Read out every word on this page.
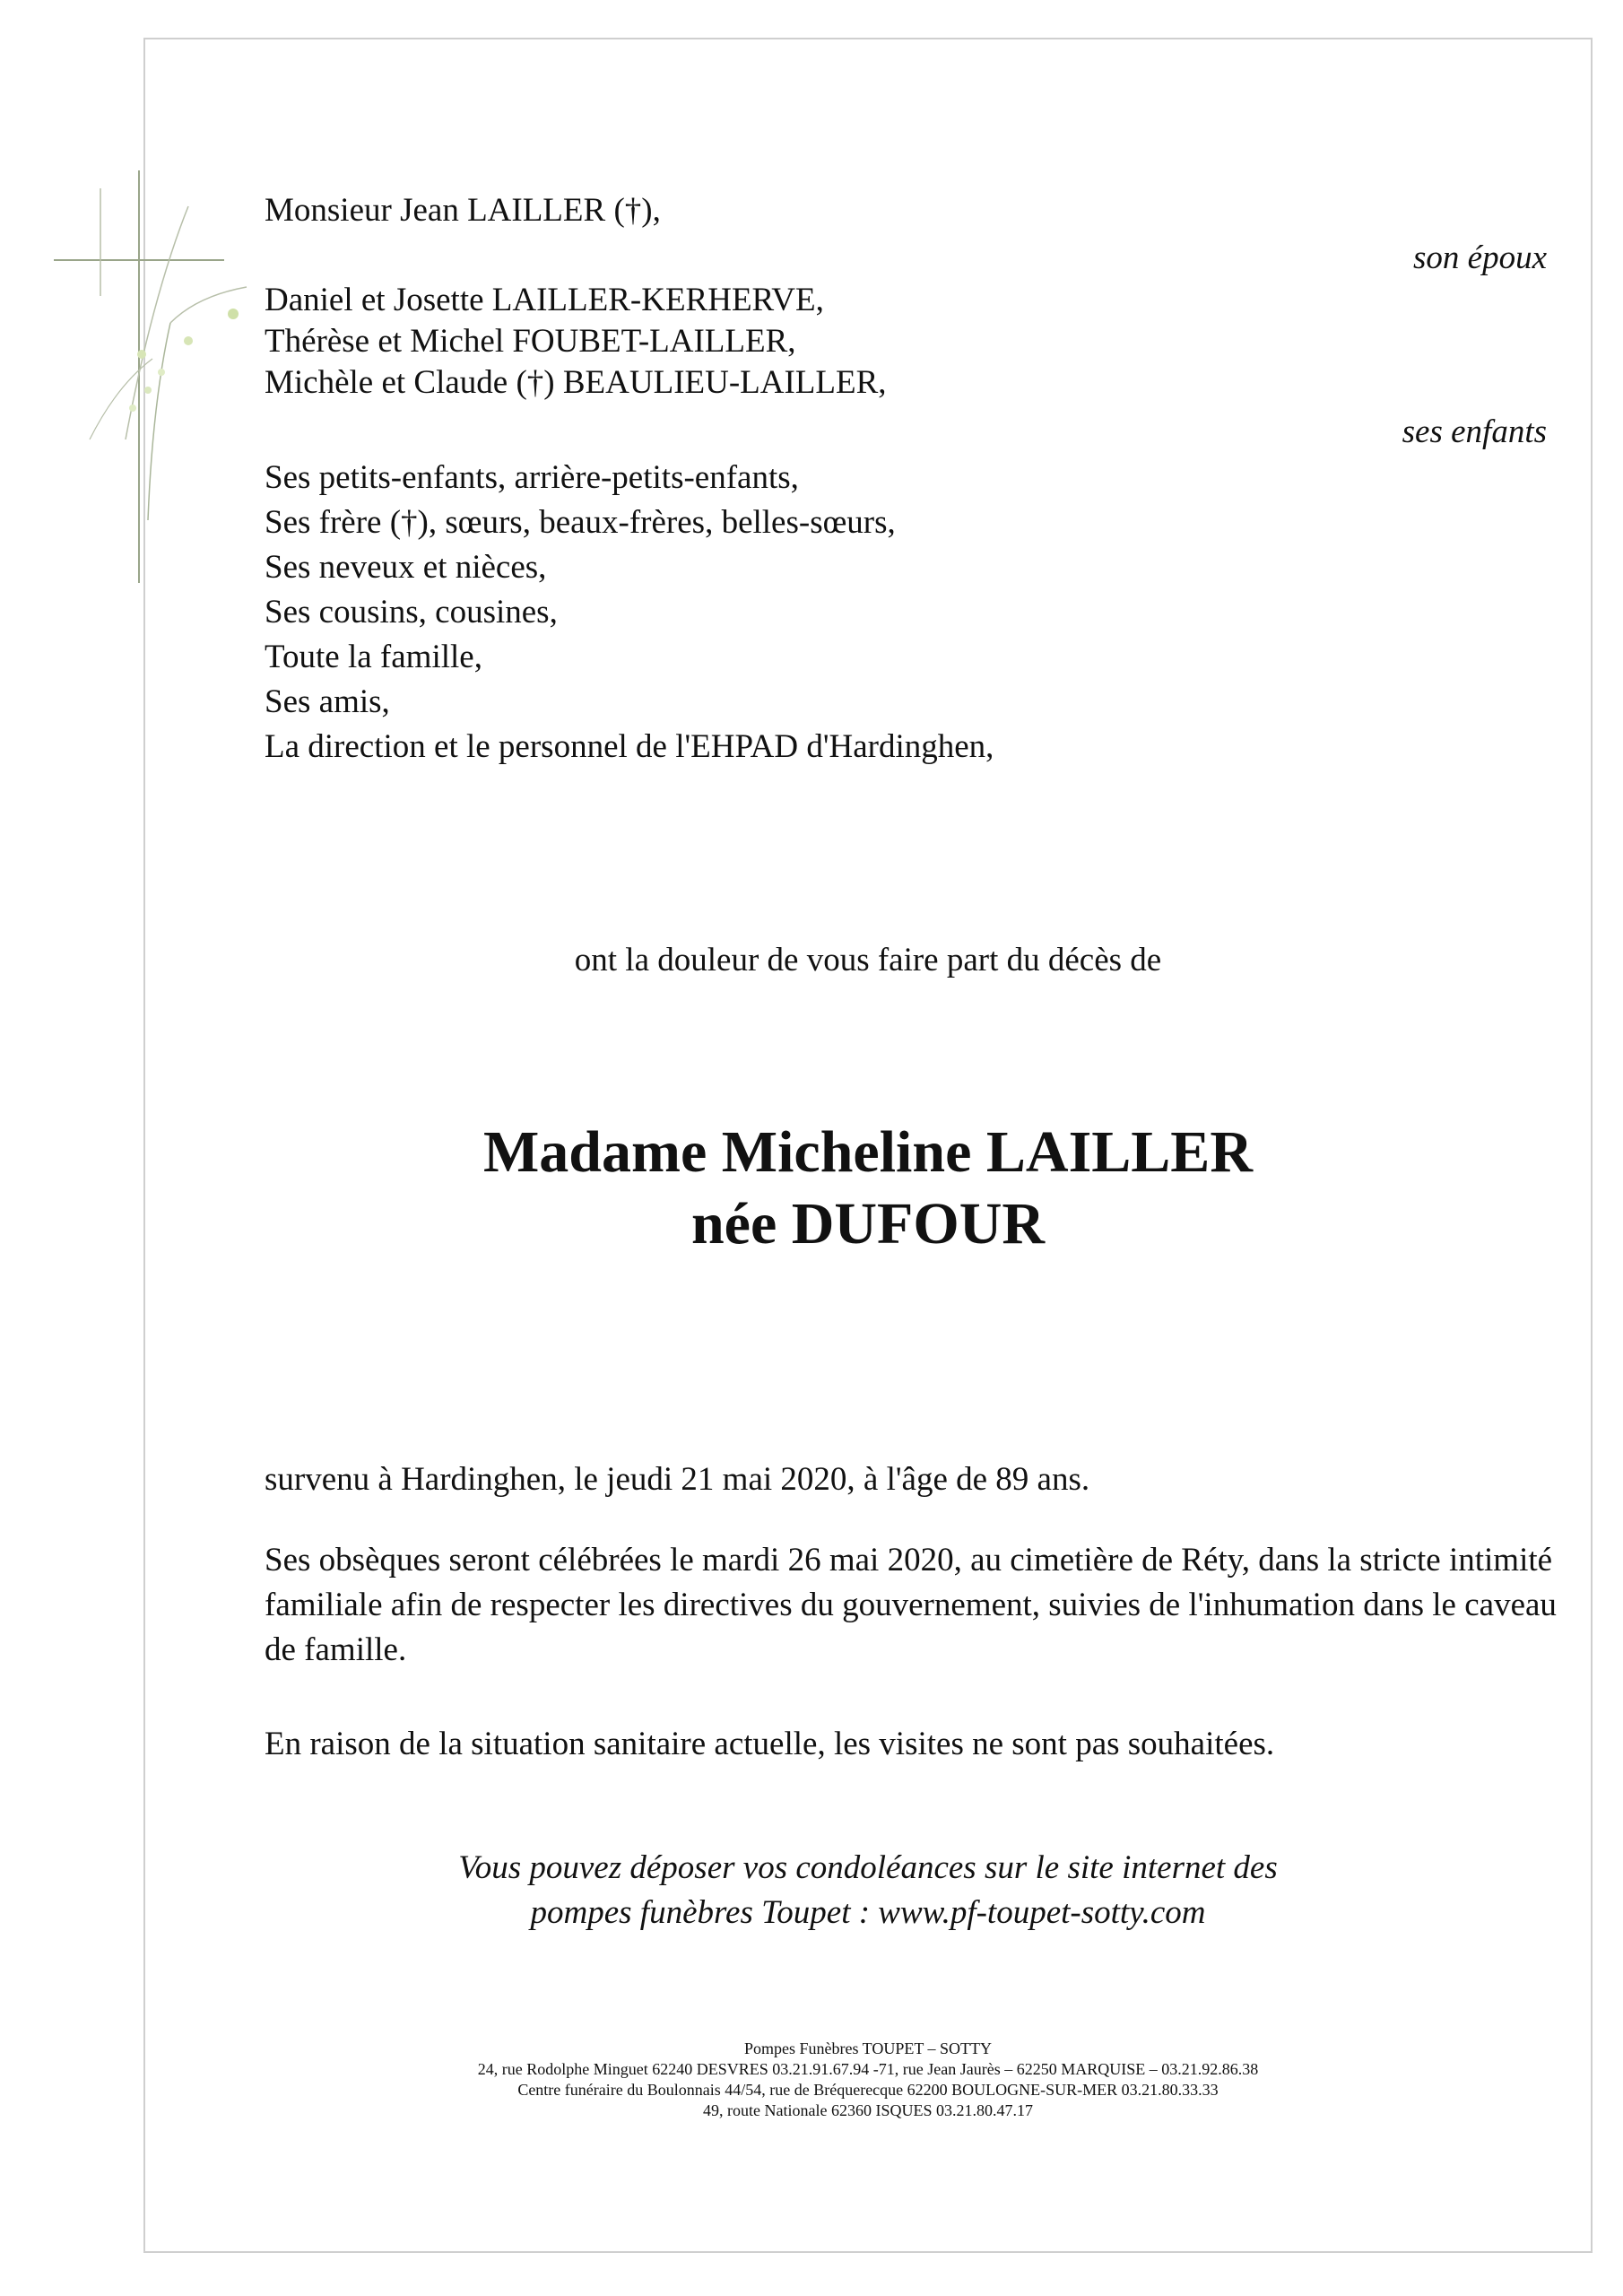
Monsieur Jean LAILLER (†),
son époux
Daniel et Josette LAILLER-KERHERVE,
Thérèse et Michel FOUBET-LAILLER,
Michèle et Claude (†) BEAULIEU-LAILLER,
ses enfants
Ses petits-enfants, arrière-petits-enfants,
Ses frère (†), sœurs, beaux-frères, belles-sœurs,
Ses neveux et nièces,
Ses cousins, cousines,
Toute la famille,
Ses amis,
La direction et le personnel de l'EHPAD d'Hardinghen,
ont la douleur de vous faire part du décès de
Madame Micheline LAILLER
née DUFOUR
survenu à Hardinghen, le jeudi 21 mai 2020, à l'âge de 89 ans.
Ses obsèques seront célébrées le mardi 26 mai 2020, au cimetière de Réty, dans la stricte intimité familiale afin de respecter les directives du gouvernement, suivies de l'inhumation dans le caveau de famille.
En raison de la situation sanitaire actuelle, les visites ne sont pas souhaitées.
Vous pouvez déposer vos condoléances sur le site internet des
pompes funèbres Toupet : www.pf-toupet-sotty.com
Pompes Funèbres TOUPET – SOTTY
24, rue Rodolphe Minguet 62240 DESVRES 03.21.91.67.94 -71, rue Jean Jaurès – 62250 MARQUISE – 03.21.92.86.38
Centre funéraire du Boulonnais 44/54, rue de Bréquerecque 62200 BOULOGNE-SUR-MER 03.21.80.33.33
49, route Nationale 62360 ISQUES 03.21.80.47.17
